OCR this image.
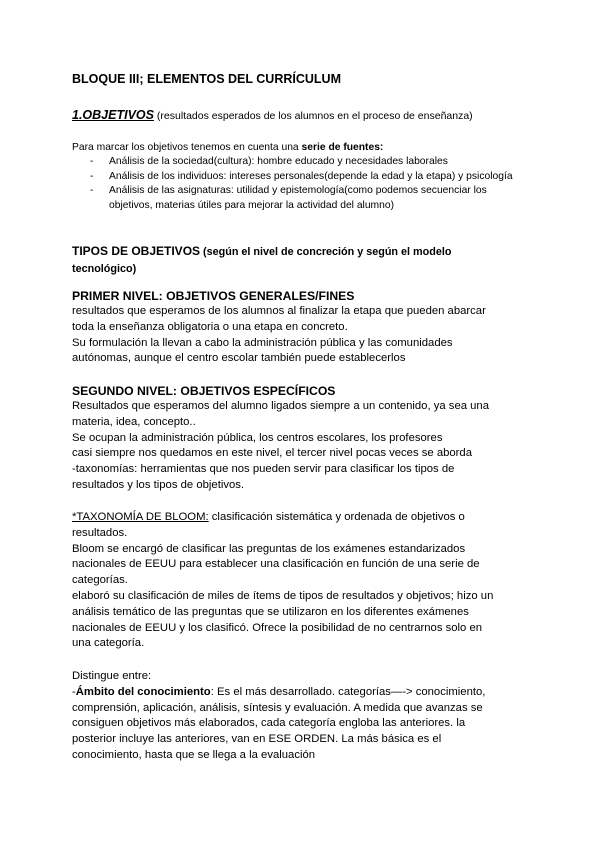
BLOQUE III; ELEMENTOS DEL CURRÍCULUM
1.OBJETIVOS (resultados esperados de los alumnos en el proceso de enseñanza)
Para marcar los objetivos tenemos en cuenta una serie de fuentes:
- Análisis de la sociedad(cultura): hombre educado y necesidades laborales
- Análisis de los individuos: intereses personales(depende la edad y la etapa) y psicología
- Análisis de las asignaturas: utilidad y epistemología(como podemos secuenciar los objetivos, materias útiles para mejorar la actividad del alumno)
TIPOS DE OBJETIVOS (según el nivel de concreción y según el modelo tecnológico)
PRIMER NIVEL: OBJETIVOS GENERALES/FINES
resultados que esperamos de los alumnos al finalizar la etapa que pueden abarcar
toda la enseñanza obligatoria o una etapa en concreto.
Su formulación la llevan a cabo la administración pública y las comunidades
autónomas, aunque el centro escolar también puede establecerlos
SEGUNDO NIVEL: OBJETIVOS ESPECÍFICOS
Resultados que esperamos del alumno ligados siempre a un contenido, ya sea una
materia, idea, concepto..
Se ocupan la administración pública, los centros escolares, los profesores
casi siempre nos quedamos en este nivel, el tercer nivel pocas veces se aborda
-taxonomías: herramientas que nos pueden servir para clasificar los tipos de
resultados y los tipos de objetivos.
*TAXONOMÍA DE BLOOM: clasificación sistemática y ordenada de objetivos o
resultados.
Bloom se encargó de clasificar las preguntas de los exámenes estandarizados
nacionales de EEUU para establecer una clasificación en función de una serie de
categorías.
elaboró su clasificación de miles de ítems de tipos de resultados y objetivos; hizo un
análisis temático de las preguntas que se utilizaron en los diferentes exámenes
nacionales de EEUU y los clasificó. Ofrece la posibilidad de no centrarnos solo en
una categoría.
Distingue entre:
-Ámbito del conocimiento: Es el más desarrollado. categorías—-> conocimiento,
comprensión, aplicación, análisis, síntesis y evaluación. A medida que avanzas se
consiguen objetivos más elaborados, cada categoría engloba las anteriores. la
posterior incluye las anteriores, van en ESE ORDEN. La más básica es el
conocimiento, hasta que se llega a la evaluación
